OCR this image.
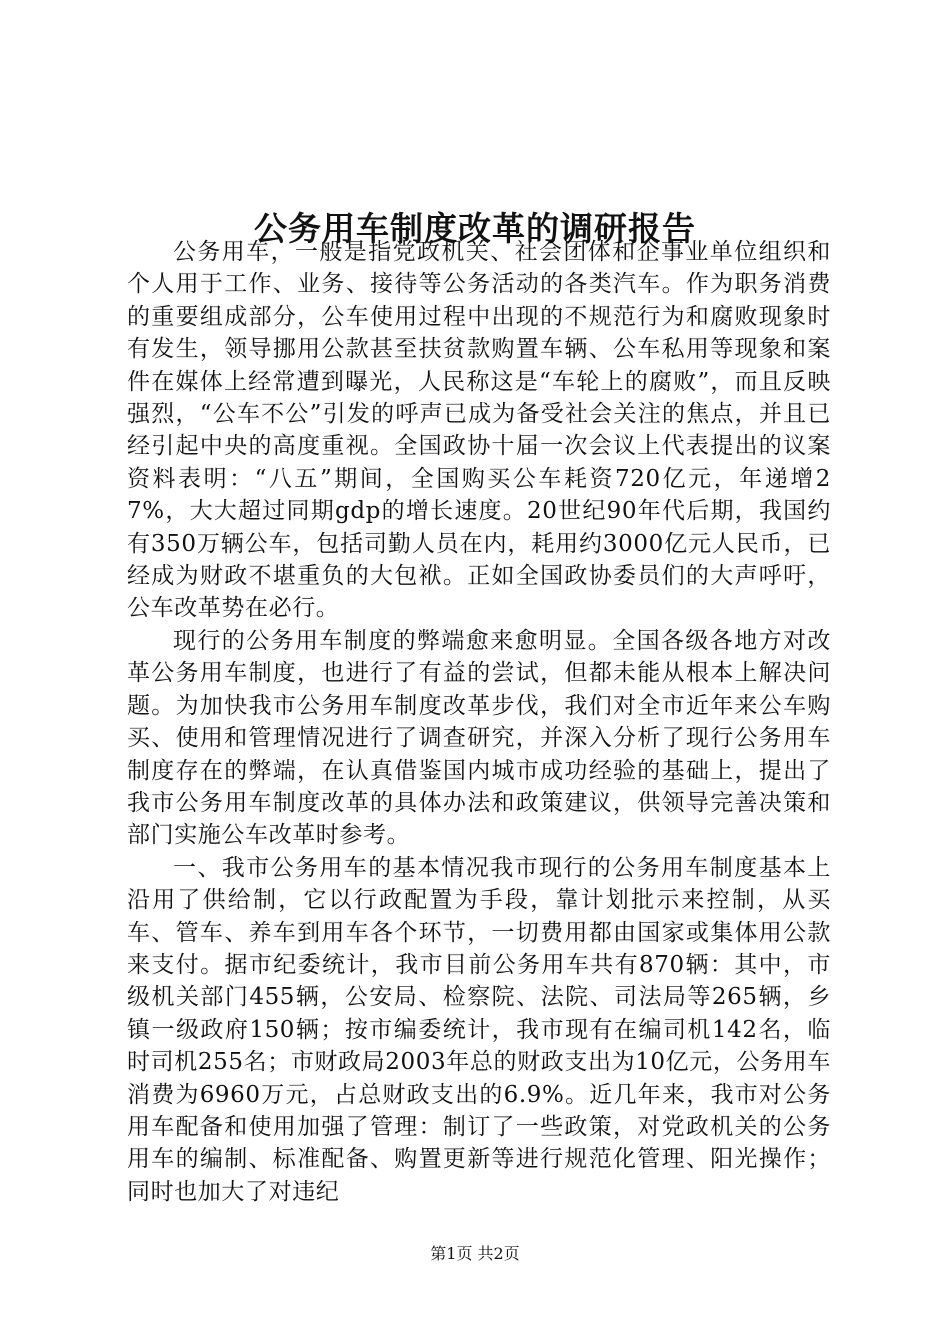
公务用车制度改革的调研报告

公务用车，一般是指党政机关、社会团体和企事业单位组织和个人用于工作、业务、接待等公务活动的各类汽车。作为职务消费的重要组成部分，公车使用过程中出现的不规范行为和腐败现象时有发生，领导挪用公款甚至扶贫款购置车辆、公车私用等现象和案件在媒体上经常遭到曝光，人民称这是“车轮上的腐败”，而且反映强烈，“公车不公”引发的呼声已成为备受社会关注的焦点，并且已经引起中央的高度重视。全国政协十届一次会议上代表提出的议案资料表明：“八五”期间，全国购买公车耗资720亿元，年递增27%，大大超过同期gdp的增长速度。20世纪90年代后期，我国约有350万辆公车，包括司勤人员在内，耗用约3000亿元人民币，已经成为财政不堪重负的大包袱。正如全国政协委员们的大声呼吁，公车改革势在必行。

现行的公务用车制度的弊端愈来愈明显。全国各级各地方对改革公务用车制度，也进行了有益的尝试，但都未能从根本上解决问题。为加快我市公务用车制度改革步伐，我们对全市近年来公车购买、使用和管理情况进行了调查研究，并深入分析了现行公务用车制度存在的弊端，在认真借鉴国内城市成功经验的基础上，提出了我市公务用车制度改革的具体办法和政策建议，供领导完善决策和部门实施公车改革时参考。

一、我市公务用车的基本情况我市现行的公务用车制度基本上沿用了供给制，它以行政配置为手段，靠计划批示来控制，从买车、管车、养车到用车各个环节，一切费用都由国家或集体用公款来支付。据市纪委统计，我市目前公务用车共有870辆：其中，市级机关部门455辆，公安局、检察院、法院、司法局等265辆，乡镇一级政府150辆；按市编委统计，我市现有在编司机142名，临时司机255名；市财政局2003年总的财政支出为10亿元，公务用车消费为6960万元，占总财政支出的6.9%。近几年来，我市对公务用车配备和使用加强了管理：制订了一些政策，对党政机关的公务用车的编制、标准配备、购置更新等进行规范化管理、阳光操作；同时也加大了对违纪

第1页 共2页
